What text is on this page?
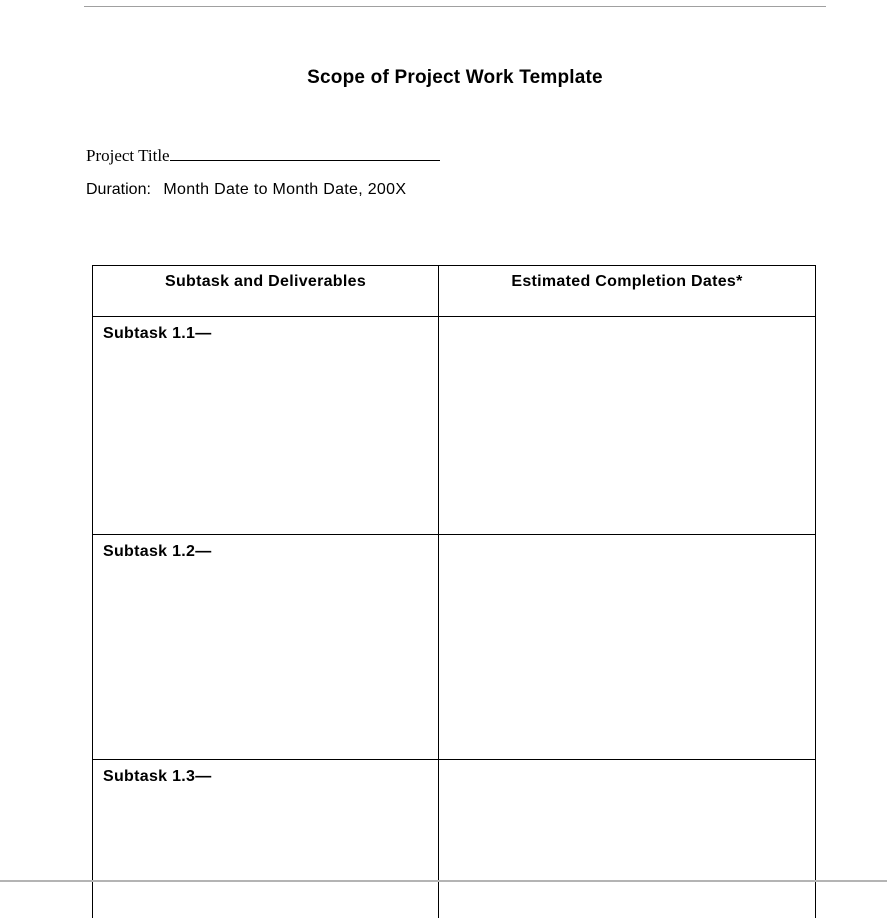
Scope of Project Work Template
Project Title
Duration: Month Date to Month Date, 200X
Subtask and Deliverables	Estimated Completion Dates*
Subtask 1.1—	
Subtask 1.2—	
Subtask 1.3—	
